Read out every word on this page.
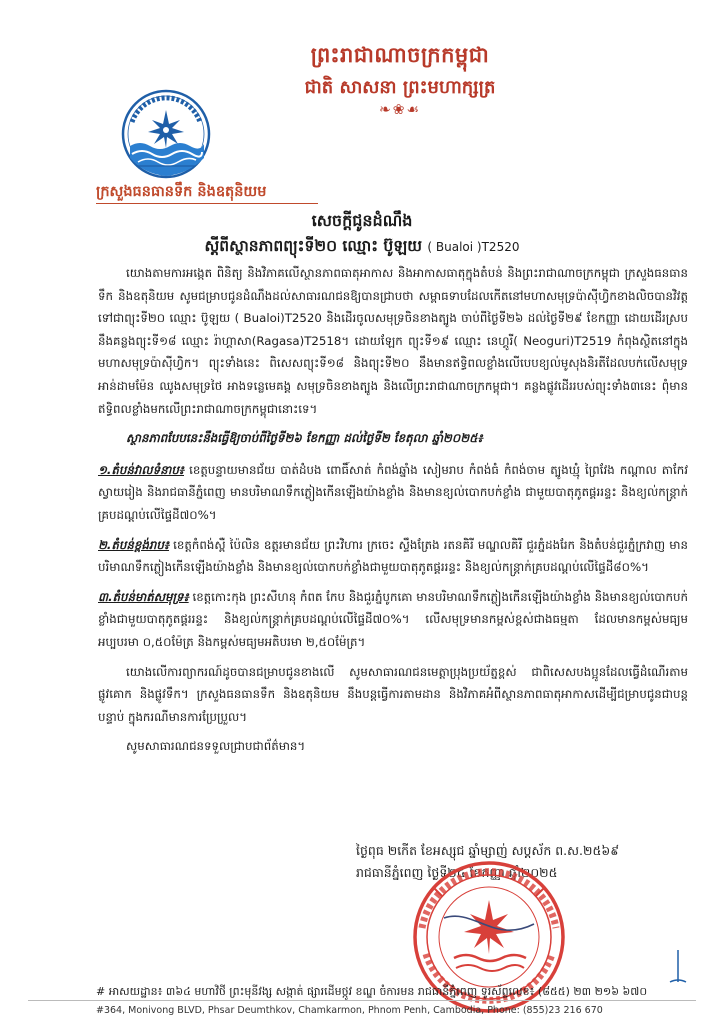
ព្រះរាជាណាចក្រកម្ពុជា
ជាតិ សាសនា ព្រះមហាក្សត្រ
❧❀☙
ក្រសួងធនធានទឹក និងឧតុនិយម
សេចក្តីជូនដំណឹង
ស្តីពីស្ថានភាពព្យុះទី២០ ឈ្មោះ ប៊ូឡយ ( Bualoi )T2520

យោងតាមការអង្កេត ពិនិត្យ និងវិភាគលើស្ថានភាពធាតុអាកាស និងអាកាសធាតុក្នុងតំបន់ និងព្រះរាជាណាចក្រកម្ពុជា ក្រសួងធនធានទឹក និងឧតុនិយម សូមជម្រាបជូនដំណឹងដល់សាធារណជនឱ្យបានជ្រាបថា សម្ពាធទាបដែលកើតនៅមហាសមុទ្រប៉ាស៊ីហ្វិកខាងលិចបានវិវត្តទៅជាព្យុះទី២០ ឈ្មោះ ប៊ូឡយ ( Bualoi)T2520 និងដើរចូលសមុទ្រចិនខាងត្បូង ចាប់ពីថ្ងៃទី២៦ ដល់ថ្ងៃទី២៩ ខែកញ្ញា ដោយដើរស្របនឹងគន្លងព្យុះទី១៨ ឈ្មោះ រ៉ាហ្គាសា(Ragasa)T2518។ ដោយឡែក ព្យុះទី១៩ ឈ្មោះ នេហ្គូរី( Neoguri)T2519 កំពុងស្ថិតនៅក្នុងមហាសមុទ្រប៉ាស៊ីហ្វិក។ ព្យុះទាំងនេះ ពិសេសព្យុះទី១៨ និងព្យុះទី២០ នឹងមានឥទ្ធិពលខ្លាំងលើបេបខ្យល់មូសុងនិរតីដែលបក់លើសមុទ្រអាន់ដាមម៉ែន ឈូងសមុទ្រថៃ អាងទន្លេមេគង្គ សមុទ្រចិនខាងត្បូង និងលើព្រះរាជាណាចក្រកម្ពុជា។ គន្លងផ្លូវដើររបស់ព្យុះទាំង៣នេះ ពុំមានឥទ្ធិពលខ្លាំងមកលើព្រះរាជាណាចក្រកម្ពុជានោះទេ។

ស្ថានភាពបែបនេះនឹងធ្វើឱ្យចាប់ពីថ្ងៃទី២៦ ខែកញ្ញា ដល់ថ្ងៃទី២ ខែតុលា ឆ្នាំ២០២៥៖

១.តំបន់វាលទំនាប៖ ខេត្តបន្ទាយមានជ័យ បាត់ដំបង ពោធិ៍សាត់ កំពង់ឆ្នាំង សៀមរាប កំពង់ធំ កំពង់ចាម ត្បូងឃ្មុំ ព្រៃវែង កណ្តាល តាកែវ ស្វាយរៀង និងរាជធានីភ្នំពេញ មានបរិមាណទឹកភ្លៀងកើនឡើងយ៉ាងខ្លាំង និងមានខ្យល់បោកបក់ខ្លាំង ជាមួយបាតុភូតផ្គររន្ទះ និងខ្យល់កន្ត្រាក់គ្របដណ្តប់លើផ្ទៃដី៧០%។

២.តំបន់ខ្ពង់រាប៖ ខេត្តកំពង់ស្ពឺ ប៉ៃលិន ឧត្តរមានជ័យ ព្រះវិហារ ក្រចេះ ស្ទឹងត្រែង រតនគិរី មណ្ឌលគិរី ជួរភ្នំដងរែក និងតំបន់ជួរភ្នំក្រវាញ មានបរិមាណទឹកភ្លៀងកើនឡើងយ៉ាងខ្លាំង និងមានខ្យល់បោកបក់ខ្លាំងជាមួយបាតុភូតផ្គររន្ទះ និងខ្យល់កន្ត្រាក់គ្របដណ្តប់លើផ្ទៃដី៨០%។

៣.តំបន់មាត់សមុទ្រ៖ ខេត្តកោះកុង ព្រះសីហនុ កំពត កែប និងជួរភ្នំបូកគោ មានបរិមាណទឹកភ្លៀងកើនឡើងយ៉ាងខ្លាំង និងមានខ្យល់បោកបក់ខ្លាំងជាមួយបាតុភូតផ្គររន្ទះ និងខ្យល់កន្ត្រាក់គ្របដណ្តប់លើផ្ទៃដី៧០%។ លើសមុទ្រមានកម្ពស់ខ្ពស់ជាងធម្មតា ដែលមានកម្ពស់មធ្យមអប្បបរមា ០,៥០ម៉ែត្រ និងកម្ពស់មធ្យមអតិបរមា ២,៥០ម៉ែត្រ។

យោងលើការព្យាករណ៍ដូចបានជម្រាបជូនខាងលើ សូមសាធារណជនមេត្តាប្រុងប្រយ័ត្នខ្ពស់ ជាពិសេសបងប្អូនដែលធ្វើដំណើរតាមផ្លូវគោក និងផ្លូវទឹក។ ក្រសួងធនធានទឹក និងឧតុនិយម នឹងបន្តធ្វើការតាមដាន និងវិភាគអំពីស្ថានភាពធាតុអាកាសដើម្បីជម្រាបជូនជាបន្តបន្ទាប់ ក្នុងករណីមានការប្រែប្រួល។

សូមសាធារណជនទទួលជ្រាបជាព័ត៌មាន។

ថ្ងៃពុធ ២កើត ខែអស្សុជ ឆ្នាំម្សាញ់ សប្តស័ក ព.ស.២៥៦៩
រាជធានីភ្នំពេញ ថ្ងៃទី២៤ ខែកញ្ញា ឆ្នាំ២០២៥
# អាសយដ្ឋាន៖ ៣៦៤ មហាវិថី ព្រះមុនីវង្ស សង្កាត់ ផ្សារដើមថ្កូវ ខណ្ឌ ចំការមន រាជធានីភ្នំពេញ ទូរស័ព្ទលេខ៖ (៨៥៥) ២៣ ២១៦ ៦៧០
#364, Monivong BLVD, Phsar Deumthkov, Chamkarmon, Phnom Penh, Cambodia, Phone: (855)23 216 670
